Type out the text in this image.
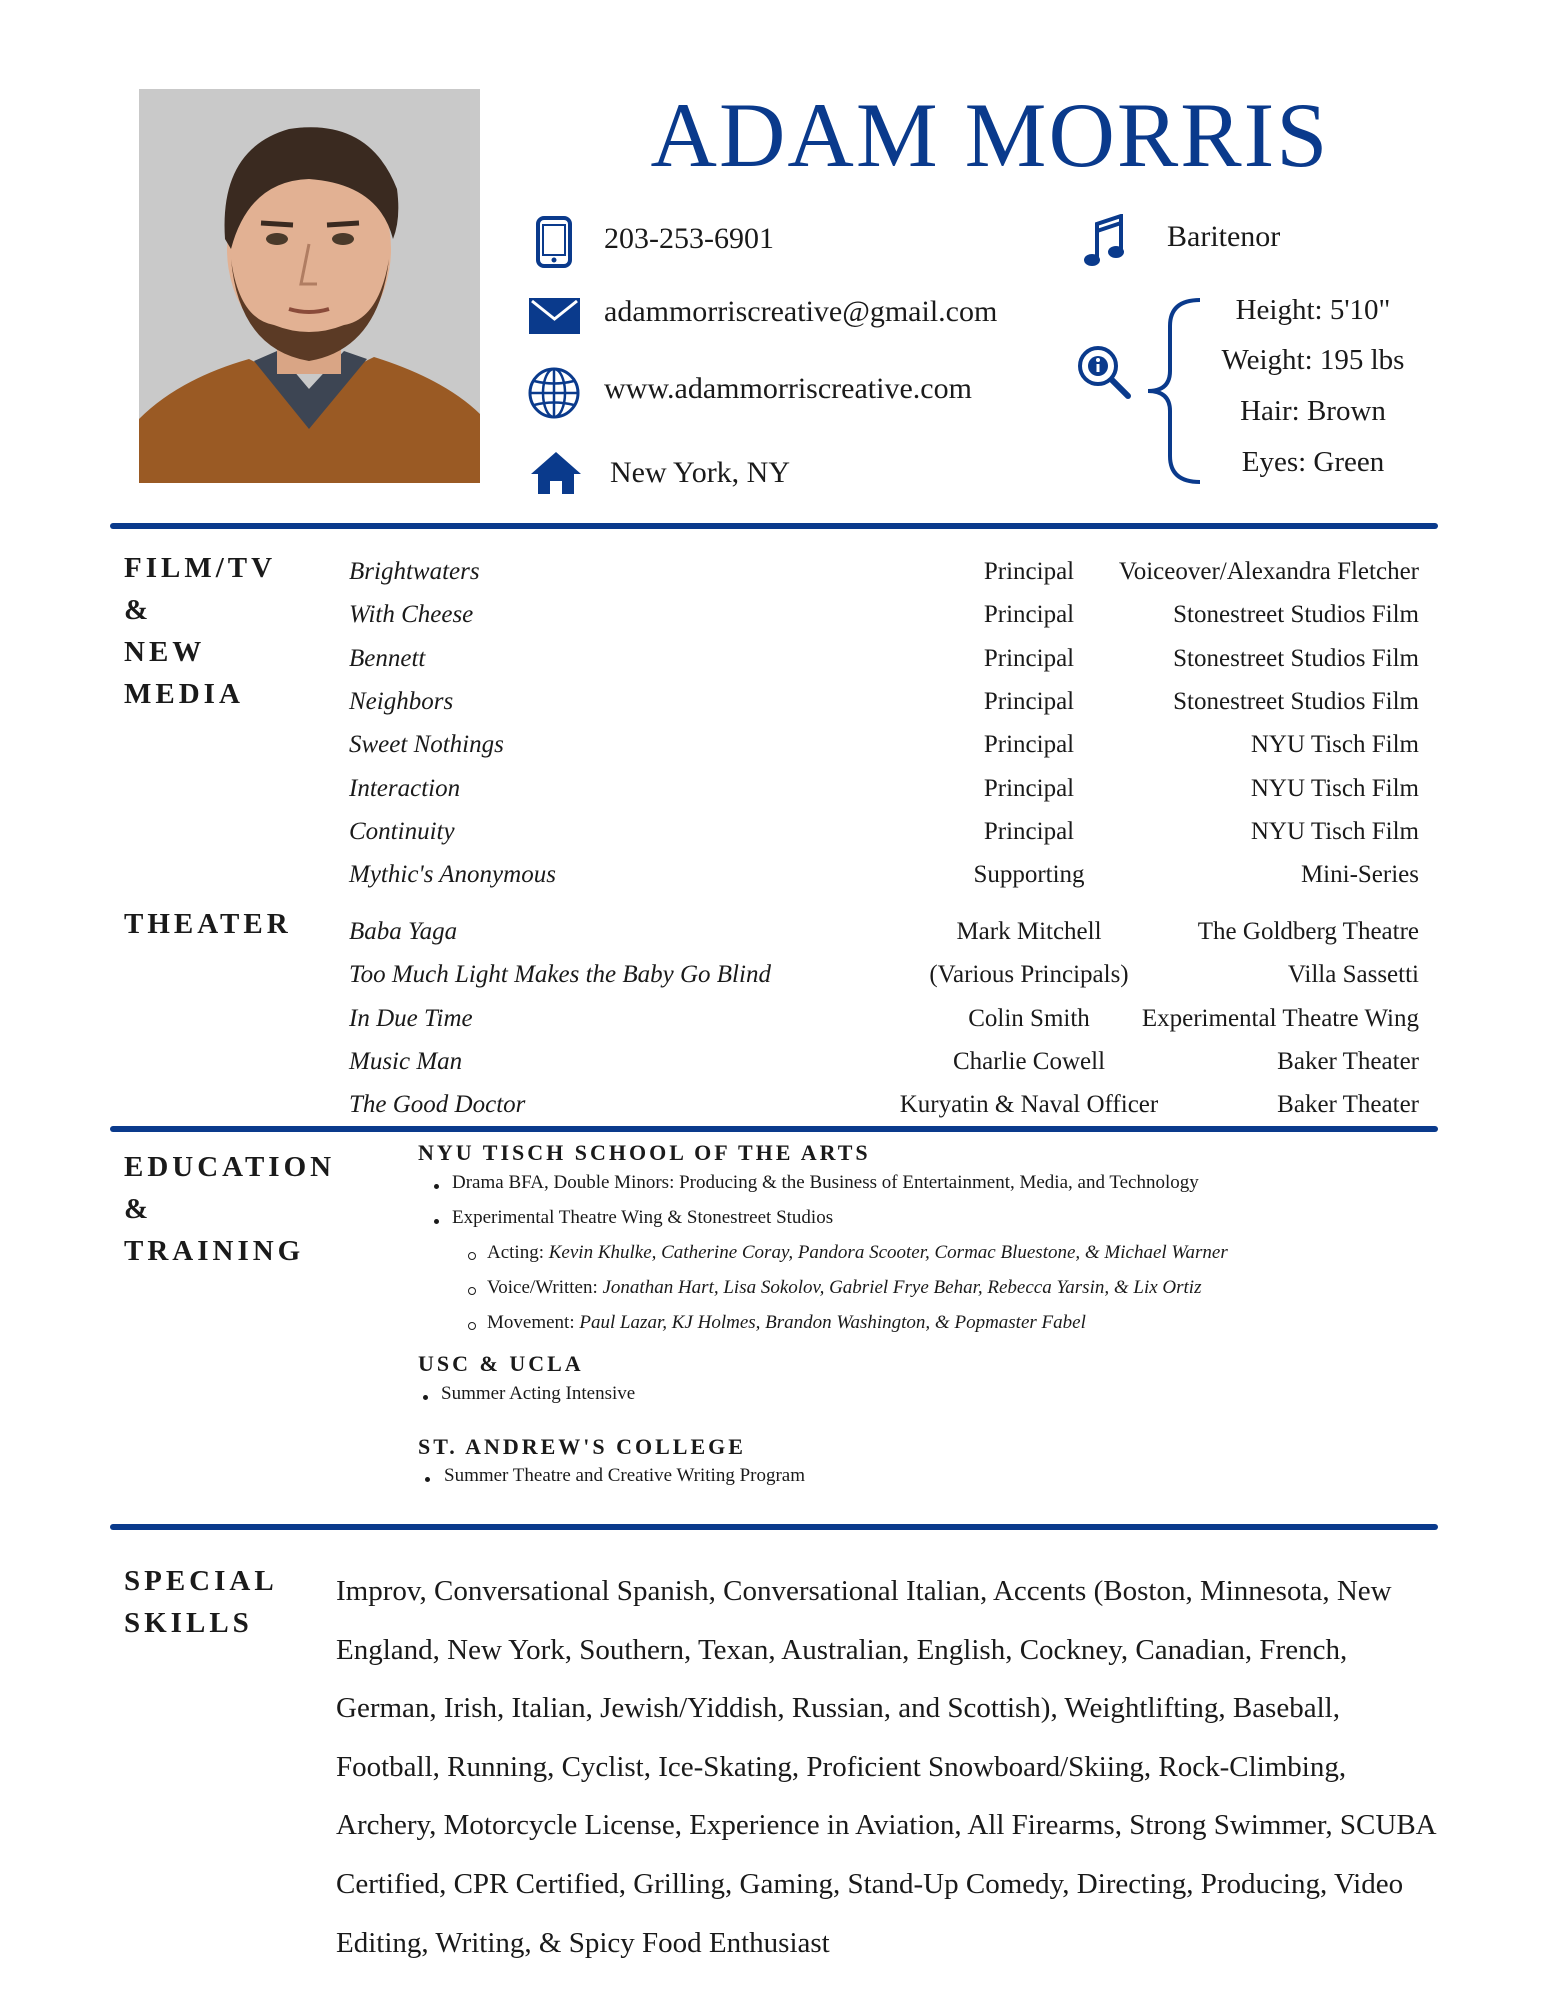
ADAM MORRIS
203-253-6901
adammorriscreative@gmail.com
www.adammorriscreative.com
New York, NY
Baritenor
Height: 5'10"
Weight: 195 lbs
Hair: Brown
Eyes: Green
FILM/TV
&
NEW
MEDIA
Brightwaters	Principal	Voiceover/Alexandra Fletcher
With Cheese	Principal	Stonestreet Studios Film
Bennett	Principal	Stonestreet Studios Film
Neighbors	Principal	Stonestreet Studios Film
Sweet Nothings	Principal	NYU Tisch Film
Interaction	Principal	NYU Tisch Film
Continuity	Principal	NYU Tisch Film
Mythic's Anonymous	Supporting	Mini-Series
THEATER Baba Yaga	Mark Mitchell	The Goldberg Theatre
Too Much Light Makes the Baby Go Blind	(Various Principals)	Villa Sassetti
In Due Time	Colin Smith	Experimental Theatre Wing
Music Man	Charlie Cowell	Baker Theater
The Good Doctor	Kuryatin & Naval Officer	Baker Theater
EDUCATION
&
TRAINING
NYU TISCH SCHOOL OF THE ARTS
Drama BFA, Double Minors: Producing & the Business of Entertainment, Media, and Technology
Experimental Theatre Wing & Stonestreet Studios
Acting: Kevin Khulke, Catherine Coray, Pandora Scooter, Cormac Bluestone, & Michael Warner
Voice/Written: Jonathan Hart, Lisa Sokolov, Gabriel Frye Behar, Rebecca Yarsin, & Lix Ortiz
Movement: Paul Lazar, KJ Holmes, Brandon Washington, & Popmaster Fabel
USC & UCLA
Summer Acting Intensive
ST. ANDREW'S COLLEGE
Summer Theatre and Creative Writing Program
SPECIAL
SKILLS
Improv, Conversational Spanish, Conversational Italian, Accents (Boston, Minnesota, New England, New York, Southern, Texan, Australian, English, Cockney, Canadian, French, German, Irish, Italian, Jewish/Yiddish, Russian, and Scottish), Weightlifting, Baseball, Football, Running, Cyclist, Ice-Skating, Proficient Snowboard/Skiing, Rock-Climbing, Archery, Motorcycle License, Experience in Aviation, All Firearms, Strong Swimmer, SCUBA Certified, CPR Certified, Grilling, Gaming, Stand-Up Comedy, Directing, Producing, Video Editing, Writing, & Spicy Food Enthusiast
